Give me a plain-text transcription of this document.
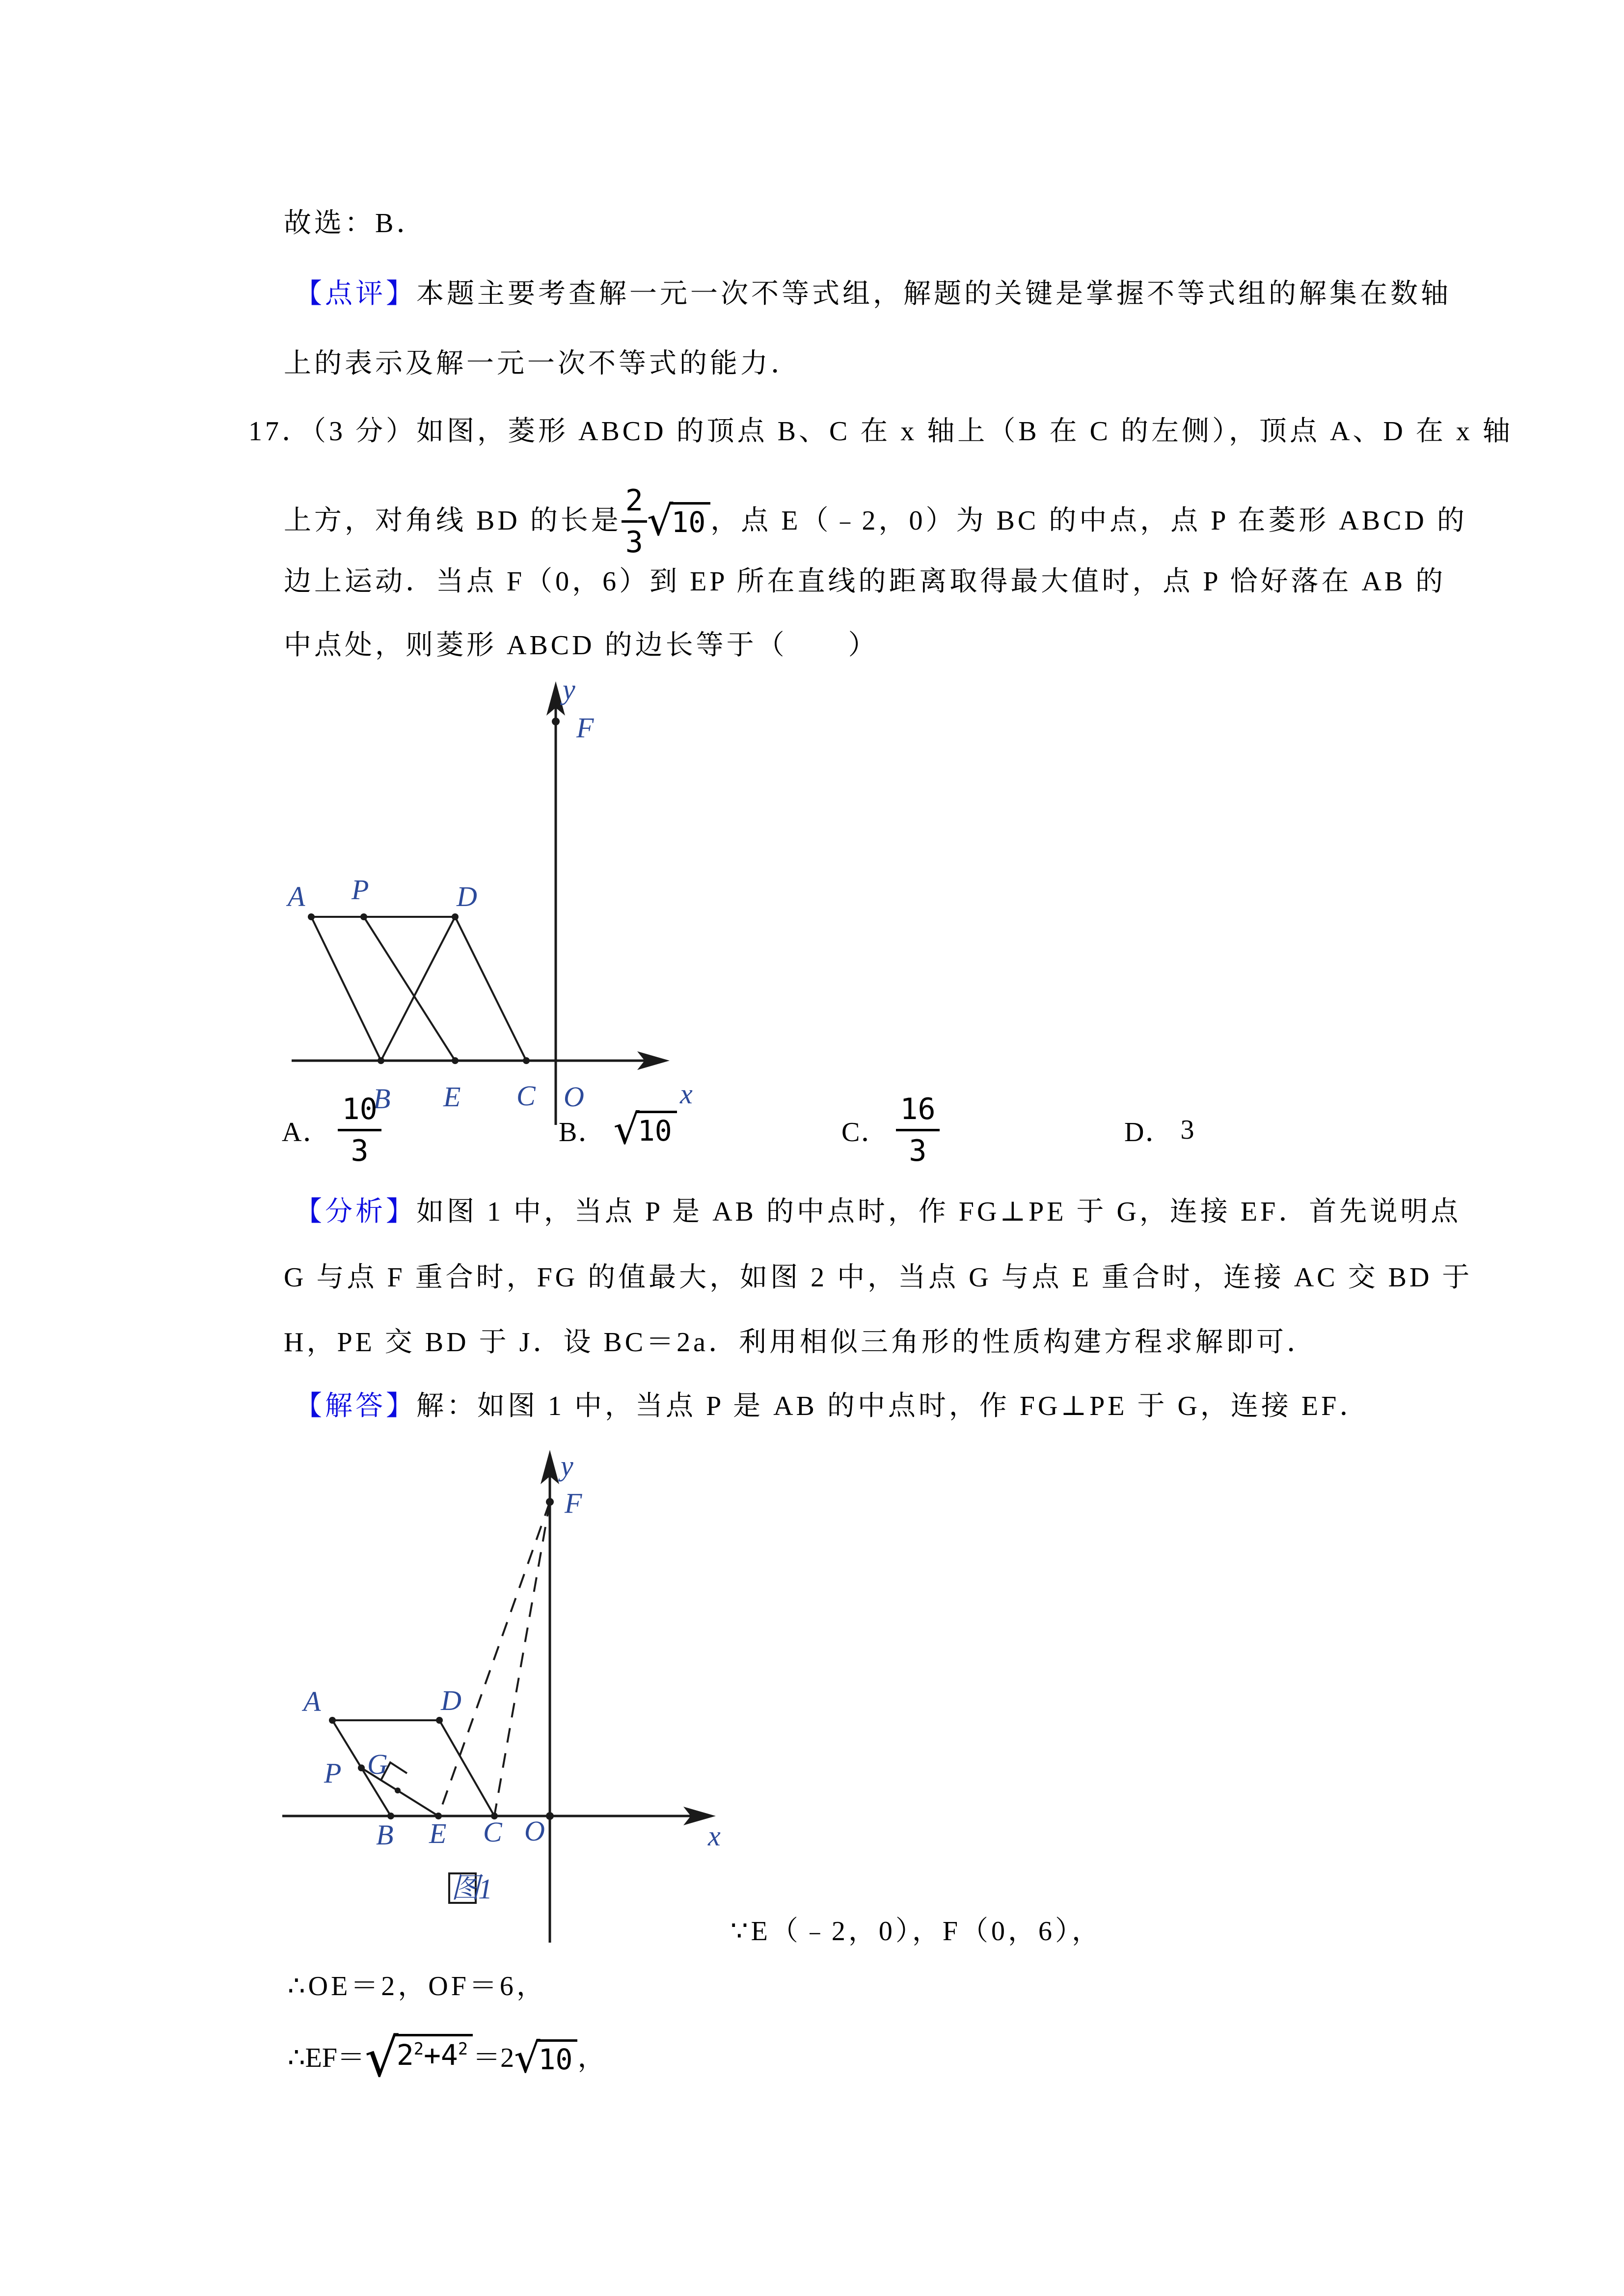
故选：B．
【点评】本题主要考查解一元一次不等式组，解题的关键是掌握不等式组的解集在数轴
上的表示及解一元一次不等式的能力．
17．（3 分）如图，菱形 ABCD 的顶点 B、C 在 x 轴上（B 在 C 的左侧），顶点 A、D 在 x 轴
上方，对角线 BD 的长是
2
3 √
10 ，点 E（﹣2，0）为 BC 的中点，点 P 在菱形 ABCD 的
边上运动．当点 F（0，6）到 EP 所在直线的距离取得最大值时，点 P 恰好落在 AB 的
中点处，则菱形 ABCD 的边长等于（　　）
y
F
A P	D
B E C O	x
A．
10
3
B． √
10	C．
16
3
D． 3
【分析】如图 1 中，当点 P 是 AB 的中点时，作 FG⊥PE 于 G，连接 EF．首先说明点
G 与点 F 重合时，FG 的值最大，如图 2 中，当点 G 与点 E 重合时，连接 AC 交 BD 于
H，PE 交 BD 于 J．设 BC＝2a．利用相似三角形的性质构建方程求解即可．
【解答】解：如图 1 中，当点 P 是 AB 的中点时，作 FG⊥PE 于 G，连接 EF．
y
F
A	D
P G
B E C O	x
图
1
∵E（﹣2，0），F（0，6），
∴OE＝2，OF＝6，
∴EF＝ √
$2^2+4^2 =2$ √
10 ，
